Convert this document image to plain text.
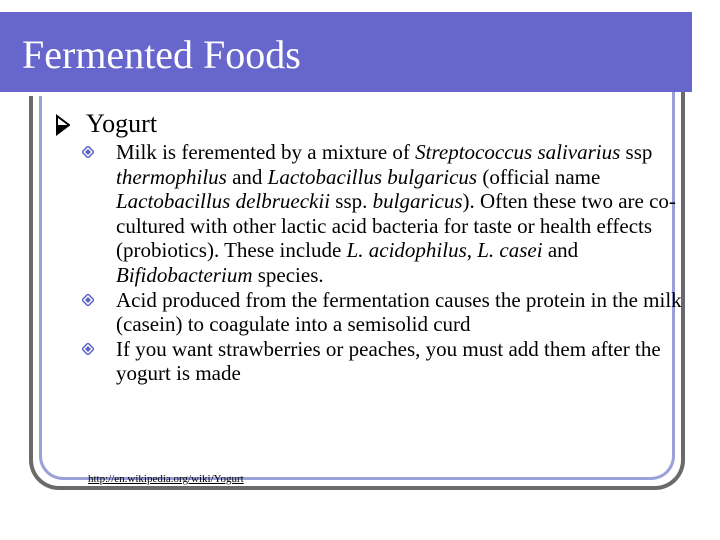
Fermented Foods
Yogurt
Milk is feremented by a mixture of Streptococcus salivarius ssp thermophilus and Lactobacillus bulgaricus (official name Lactobacillus delbrueckii ssp. bulgaricus). Often these two are co-cultured with other lactic acid bacteria for taste or health effects (probiotics). These include L. acidophilus, L. casei and Bifidobacterium species.
Acid produced from the fermentation causes the protein in the milk (casein) to coagulate into a semisolid curd
If you want strawberries or peaches, you must add them after the yogurt is made
http://en.wikipedia.org/wiki/Yogurt
